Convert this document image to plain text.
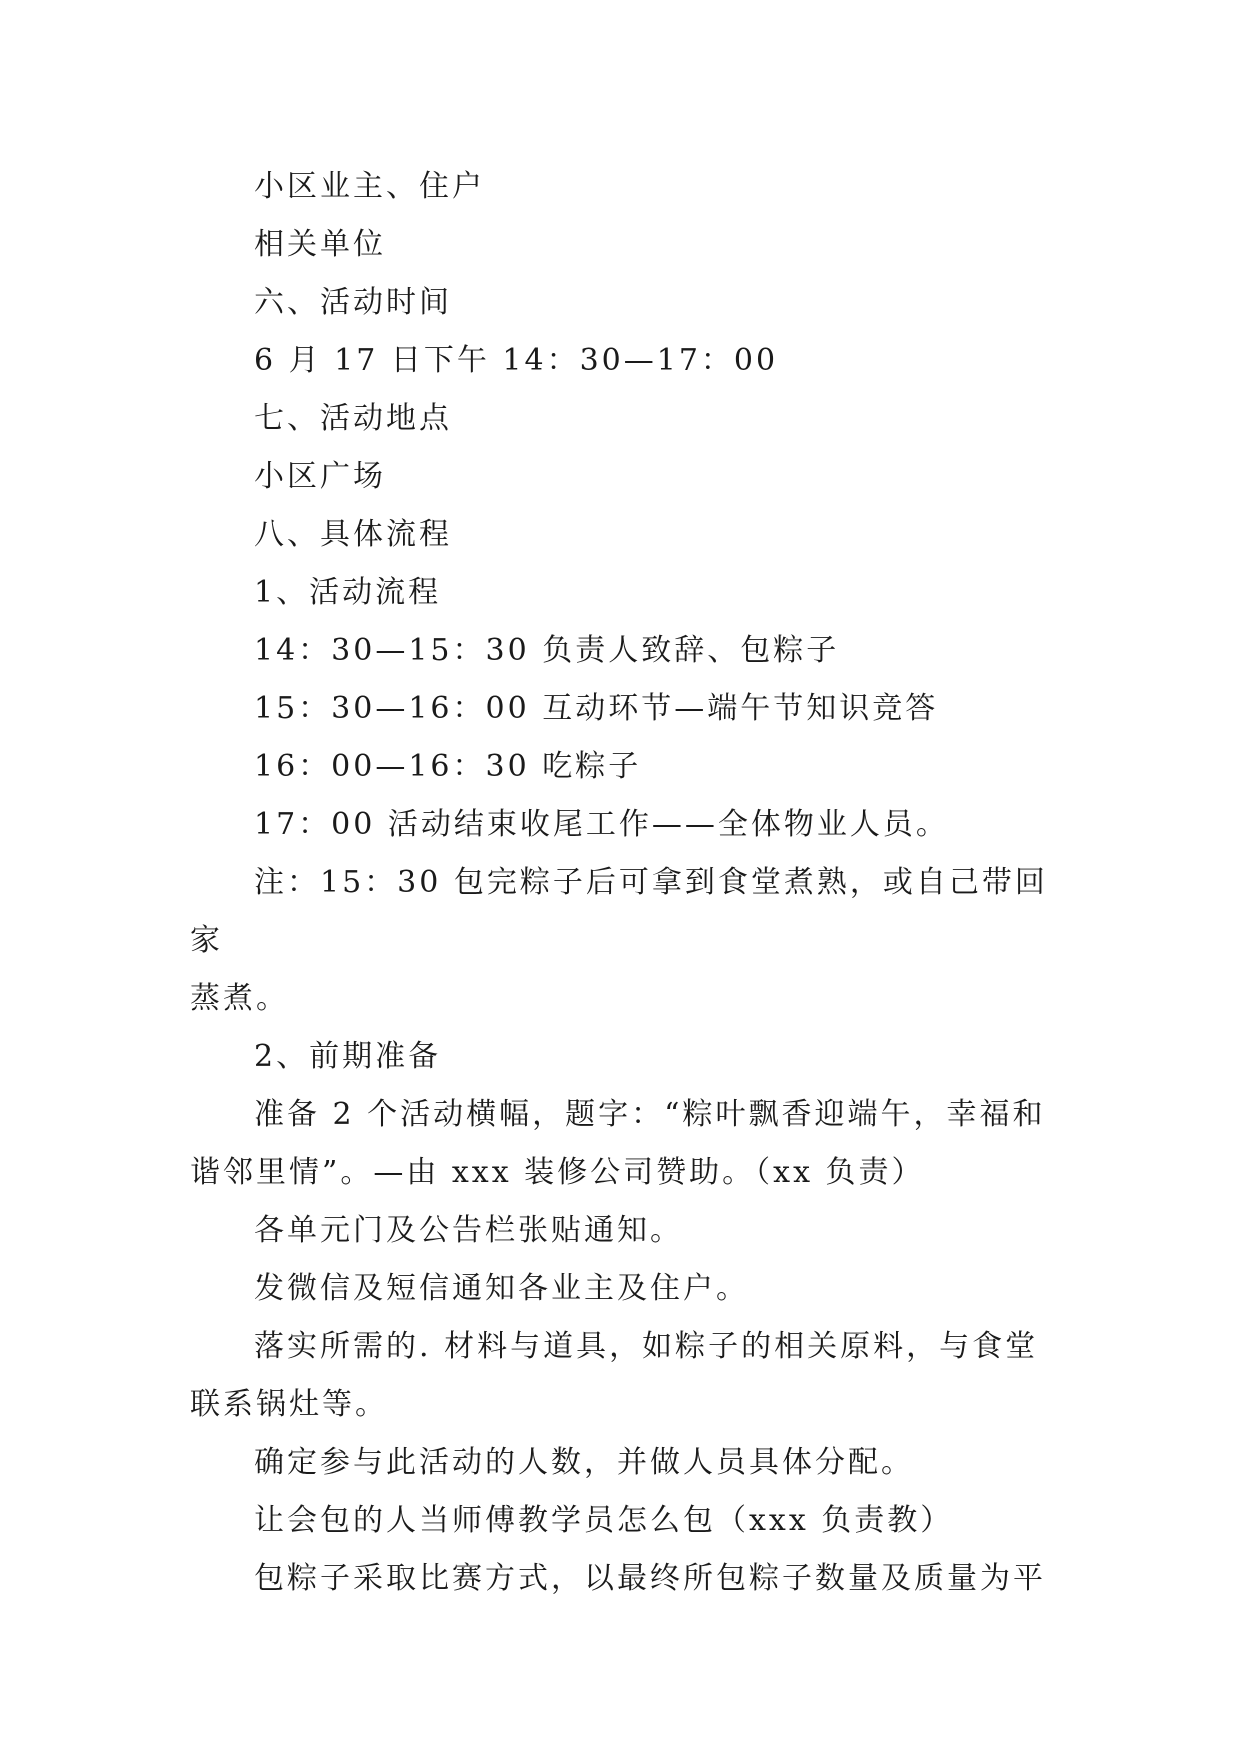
小区业主、住户

相关单位

六、活动时间

6 月 17 日下午 14：30—17：00

七、活动地点

小区广场

八、具体流程

1、活动流程

14：30—15：30 负责人致辞、包粽子

15：30—16：00 互动环节—端午节知识竞答

16：00—16：30 吃粽子

17：00 活动结束收尾工作——全体物业人员。

注：15：30 包完粽子后可拿到食堂煮熟，或自己带回家
蒸煮。

2、前期准备

准备 2 个活动横幅，题字：“粽叶飘香迎端午，幸福和
谐邻里情”。—由 xxx 装修公司赞助。（xx 负责）

各单元门及公告栏张贴通知。

发微信及短信通知各业主及住户。

落实所需的. 材料与道具，如粽子的相关原料，与食堂
联系锅灶等。

确定参与此活动的人数，并做人员具体分配。

让会包的人当师傅教学员怎么包（xxx 负责教）

包粽子采取比赛方式，以最终所包粽子数量及质量为平
